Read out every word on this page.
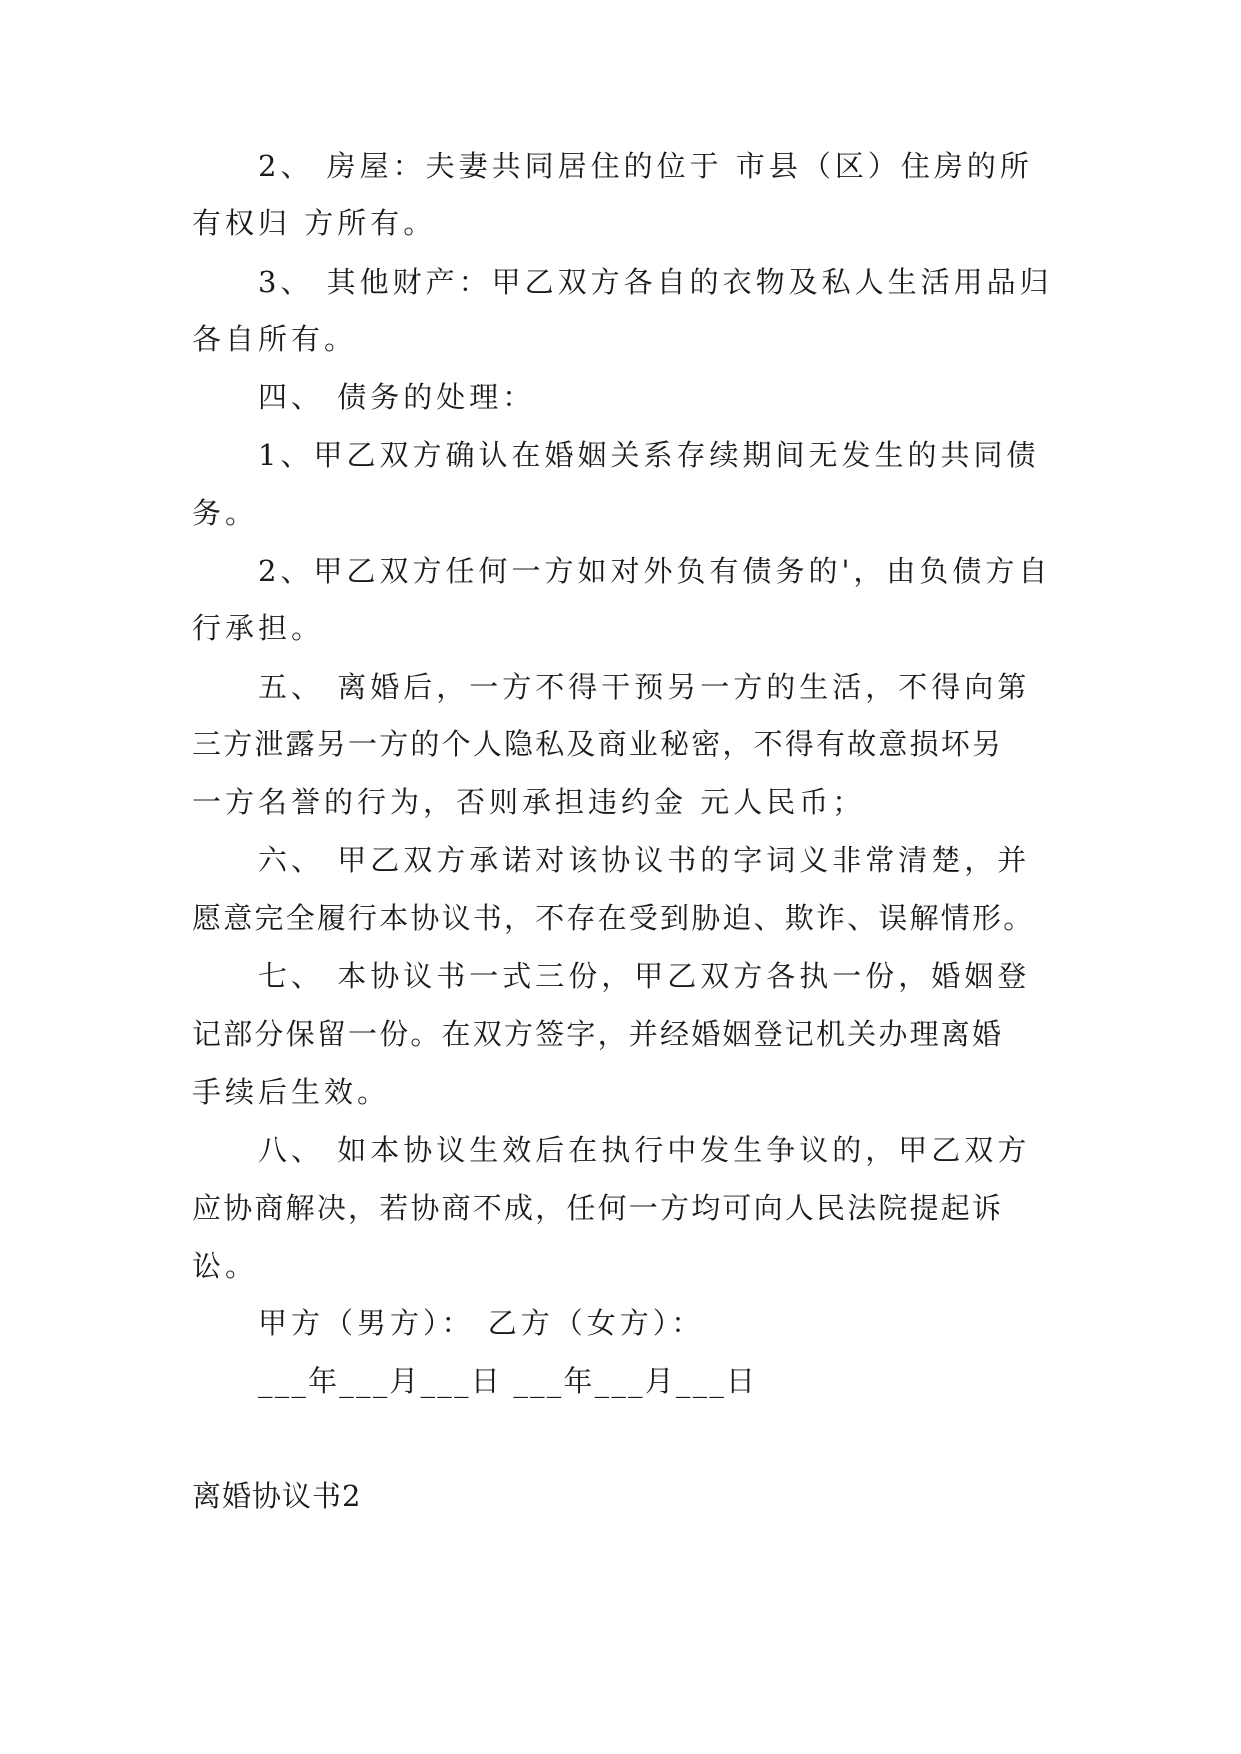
2、 房屋：夫妻共同居住的位于 市县（区）住房的所
有权归 方所有。
3、 其他财产：甲乙双方各自的衣物及私人生活用品归
各自所有。
四、 债务的处理：
1、甲乙双方确认在婚姻关系存续期间无发生的共同债
务。
2、甲乙双方任何一方如对外负有债务的'，由负债方自
行承担。
五、 离婚后，一方不得干预另一方的生活，不得向第
三方泄露另一方的个人隐私及商业秘密，不得有故意损坏另
一方名誉的行为，否则承担违约金 元人民币；
六、 甲乙双方承诺对该协议书的字词义非常清楚，并
愿意完全履行本协议书，不存在受到胁迫、欺诈、误解情形。
七、 本协议书一式三份，甲乙双方各执一份，婚姻登
记部分保留一份。在双方签字，并经婚姻登记机关办理离婚
手续后生效。
八、 如本协议生效后在执行中发生争议的，甲乙双方
应协商解决，若协商不成，任何一方均可向人民法院提起诉
讼。
甲方（男方）： 乙方（女方）：
___年___月___日 ___年___月___日
离婚协议书2
